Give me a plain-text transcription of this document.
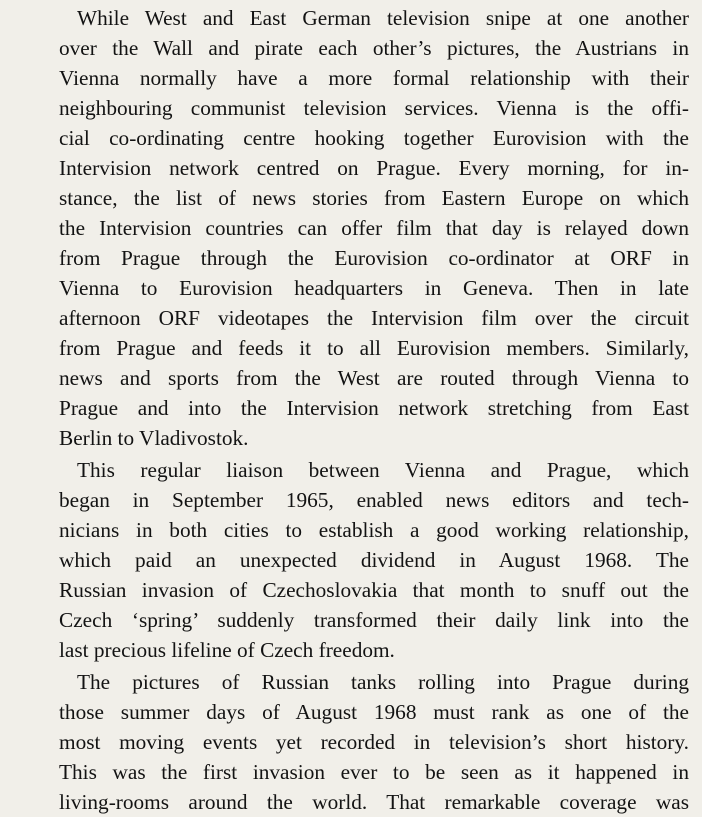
While West and East German television snipe at one another
over the Wall and pirate each other’s pictures, the Austrians in
Vienna normally have a more formal relationship with their
neighbouring communist television services. Vienna is the offi-
cial co-ordinating centre hooking together Eurovision with the
Intervision network centred on Prague. Every morning, for in-
stance, the list of news stories from Eastern Europe on which
the Intervision countries can offer film that day is relayed down
from Prague through the Eurovision co-ordinator at ORF in
Vienna to Eurovision headquarters in Geneva. Then in late
afternoon ORF videotapes the Intervision film over the circuit
from Prague and feeds it to all Eurovision members. Similarly,
news and sports from the West are routed through Vienna to
Prague and into the Intervision network stretching from East
Berlin to Vladivostok.
This regular liaison between Vienna and Prague, which
began in September 1965, enabled news editors and tech-
nicians in both cities to establish a good working relationship,
which paid an unexpected dividend in August 1968. The
Russian invasion of Czechoslovakia that month to snuff out the
Czech ‘spring’ suddenly transformed their daily link into the
last precious lifeline of Czech freedom.
The pictures of Russian tanks rolling into Prague during
those summer days of August 1968 must rank as one of the
most moving events yet recorded in television’s short history.
This was the first invasion ever to be seen as it happened in
living-rooms around the world. That remarkable coverage was
